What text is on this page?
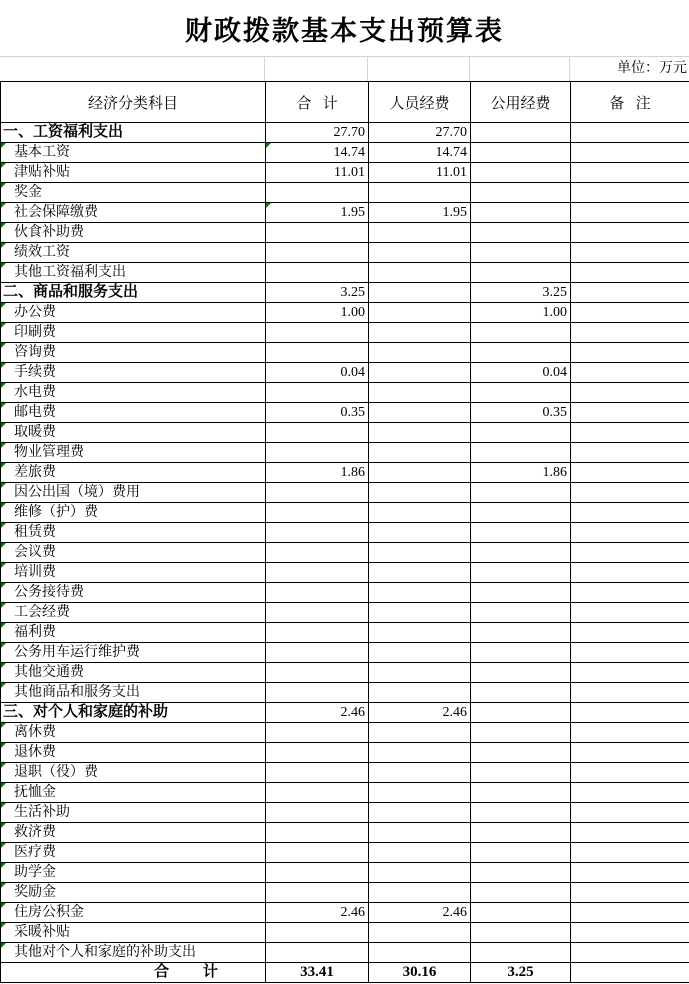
财政拨款基本支出预算表
单位：万元
经济分类科目	合   计	人员经费	公用经费	备   注
一、工资福利支出	27.70	27.70		

基本工资	14.74	14.74		

津贴补贴	11.01	11.01		

奖金				

社会保障缴费	1.95	1.95		

伙食补助费				

绩效工资				

其他工资福利支出				
二、商品和服务支出	3.25		3.25	

办公费	1.00		1.00	

印刷费				

咨询费				

手续费	0.04		0.04	

水电费				

邮电费	0.35		0.35	

取暖费				

物业管理费				

差旅费	1.86		1.86	

因公出国（境）费用				

维修（护）费				

租赁费				

会议费				

培训费				

公务接待费				

工会经费				

福利费				

公务用车运行维护费				

其他交通费				

其他商品和服务支出				
三、对个人和家庭的补助	2.46	2.46		

离休费				

退休费				

退职（役）费				

抚恤金				

生活补助				

救济费				

医疗费				

助学金				

奖励金				

住房公积金	2.46	2.46		

采暖补贴				

其他对个人和家庭的补助支出				
合         计	33.41	30.16	3.25	
